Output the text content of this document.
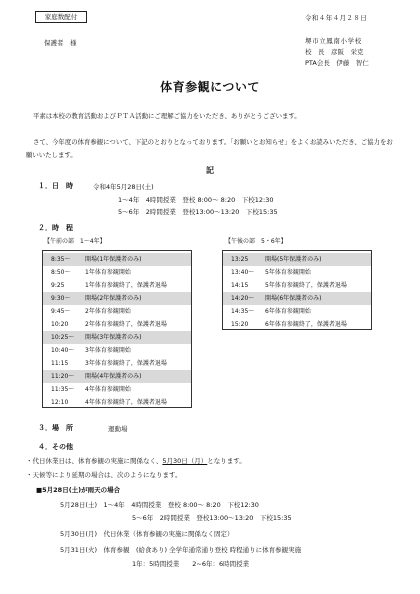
家庭数配付
保護者　様
令和４年４月２８日
堺市立鳳南小学校
校　長　彦阪　栄克
PTA会長　伊藤　智仁
体育参観について
平素は本校の教育活動およびＰＴＡ活動にご理解ご協力をいただき、ありがとうございます。
さて、今年度の体育参観について、下記のとおりとなっております。「お願いとお知らせ」をよくお読みいただき、ご協力をお願いいたします。
記
１．日　時	令和4年5月28日(土)
1～4年　4時間授業　登校 8:00～ 8:20　下校12:30
5～6年　2時間授業　登校13:00～13:20　下校15:35
２．時　程
【午前の部　1～4年】
8:35～	開場(1年保護者のみ)
8:50～	1年体育参観開始
9:25	1年体育参観終了，保護者退場
9:30～	開場(2年保護者のみ)
9:45～	2年体育参観開始
10:20	2年体育参観終了，保護者退場
10:25～	開場(3年保護者のみ)
10:40～	3年体育参観開始
11:15	3年体育参観終了，保護者退場
11:20～	開場(4年保護者のみ)
11:35～	4年体育参観開始
12:10	4年体育参観終了，保護者退場
【午後の部　5・6年】
13:25	開場(5年保護者のみ)
13:40～	5年体育参観開始
14:15	5年体育参観終了，保護者退場
14:20～	開場(6年保護者のみ)
14:35～	6年体育参観開始
15:20	6年体育参観終了，保護者退場
３．場　所	運動場
４．その他
・代日休業日は、体育参観の実施に関係なく、5月30日（月）となります。
・天候等により延期の場合は、次のようになります。
■5月28日(土)が雨天の場合
5月28日(土)　1～4年　4時間授業　登校 8:00～ 8:20　下校12:30
5～6年　2時間授業　登校13:00～13:20　下校15:35
5月30日(月)　代日休業（体育参観の実施に関係なく固定）
5月31日(火)　体育参観　(給食あり) 全学年通常通り登校 時程通りに体育参観実施
1年：5時間授業　　2~6年：6時間授業
